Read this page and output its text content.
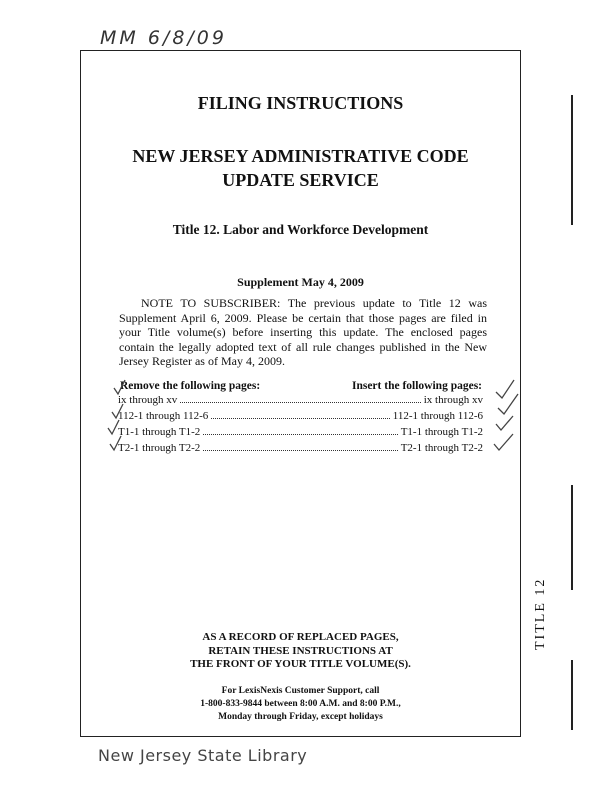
MM 6/8/09
FILING INSTRUCTIONS
NEW JERSEY ADMINISTRATIVE CODE
UPDATE SERVICE
Title 12. Labor and Workforce Development
Supplement May 4, 2009
NOTE TO SUBSCRIBER: The previous update to Title 12 was Supplement April 6, 2009. Please be certain that those pages are filed in your Title volume(s) before inserting this update. The enclosed pages contain the legally adopted text of all rule changes published in the New Jersey Register as of May 4, 2009.
Remove the following pages:	Insert the following pages:
ix through xv	ix through xv
112-1 through 112-6	112-1 through 112-6
T1-1 through T1-2	T1-1 through T1-2
T2-1 through T2-2	T2-1 through T2-2
AS A RECORD OF REPLACED PAGES,
RETAIN THESE INSTRUCTIONS AT
THE FRONT OF YOUR TITLE VOLUME(S).
For LexisNexis Customer Support, call
1-800-833-9844 between 8:00 A.M. and 8:00 P.M.,
Monday through Friday, except holidays
TITLE 12
New Jersey State Library
